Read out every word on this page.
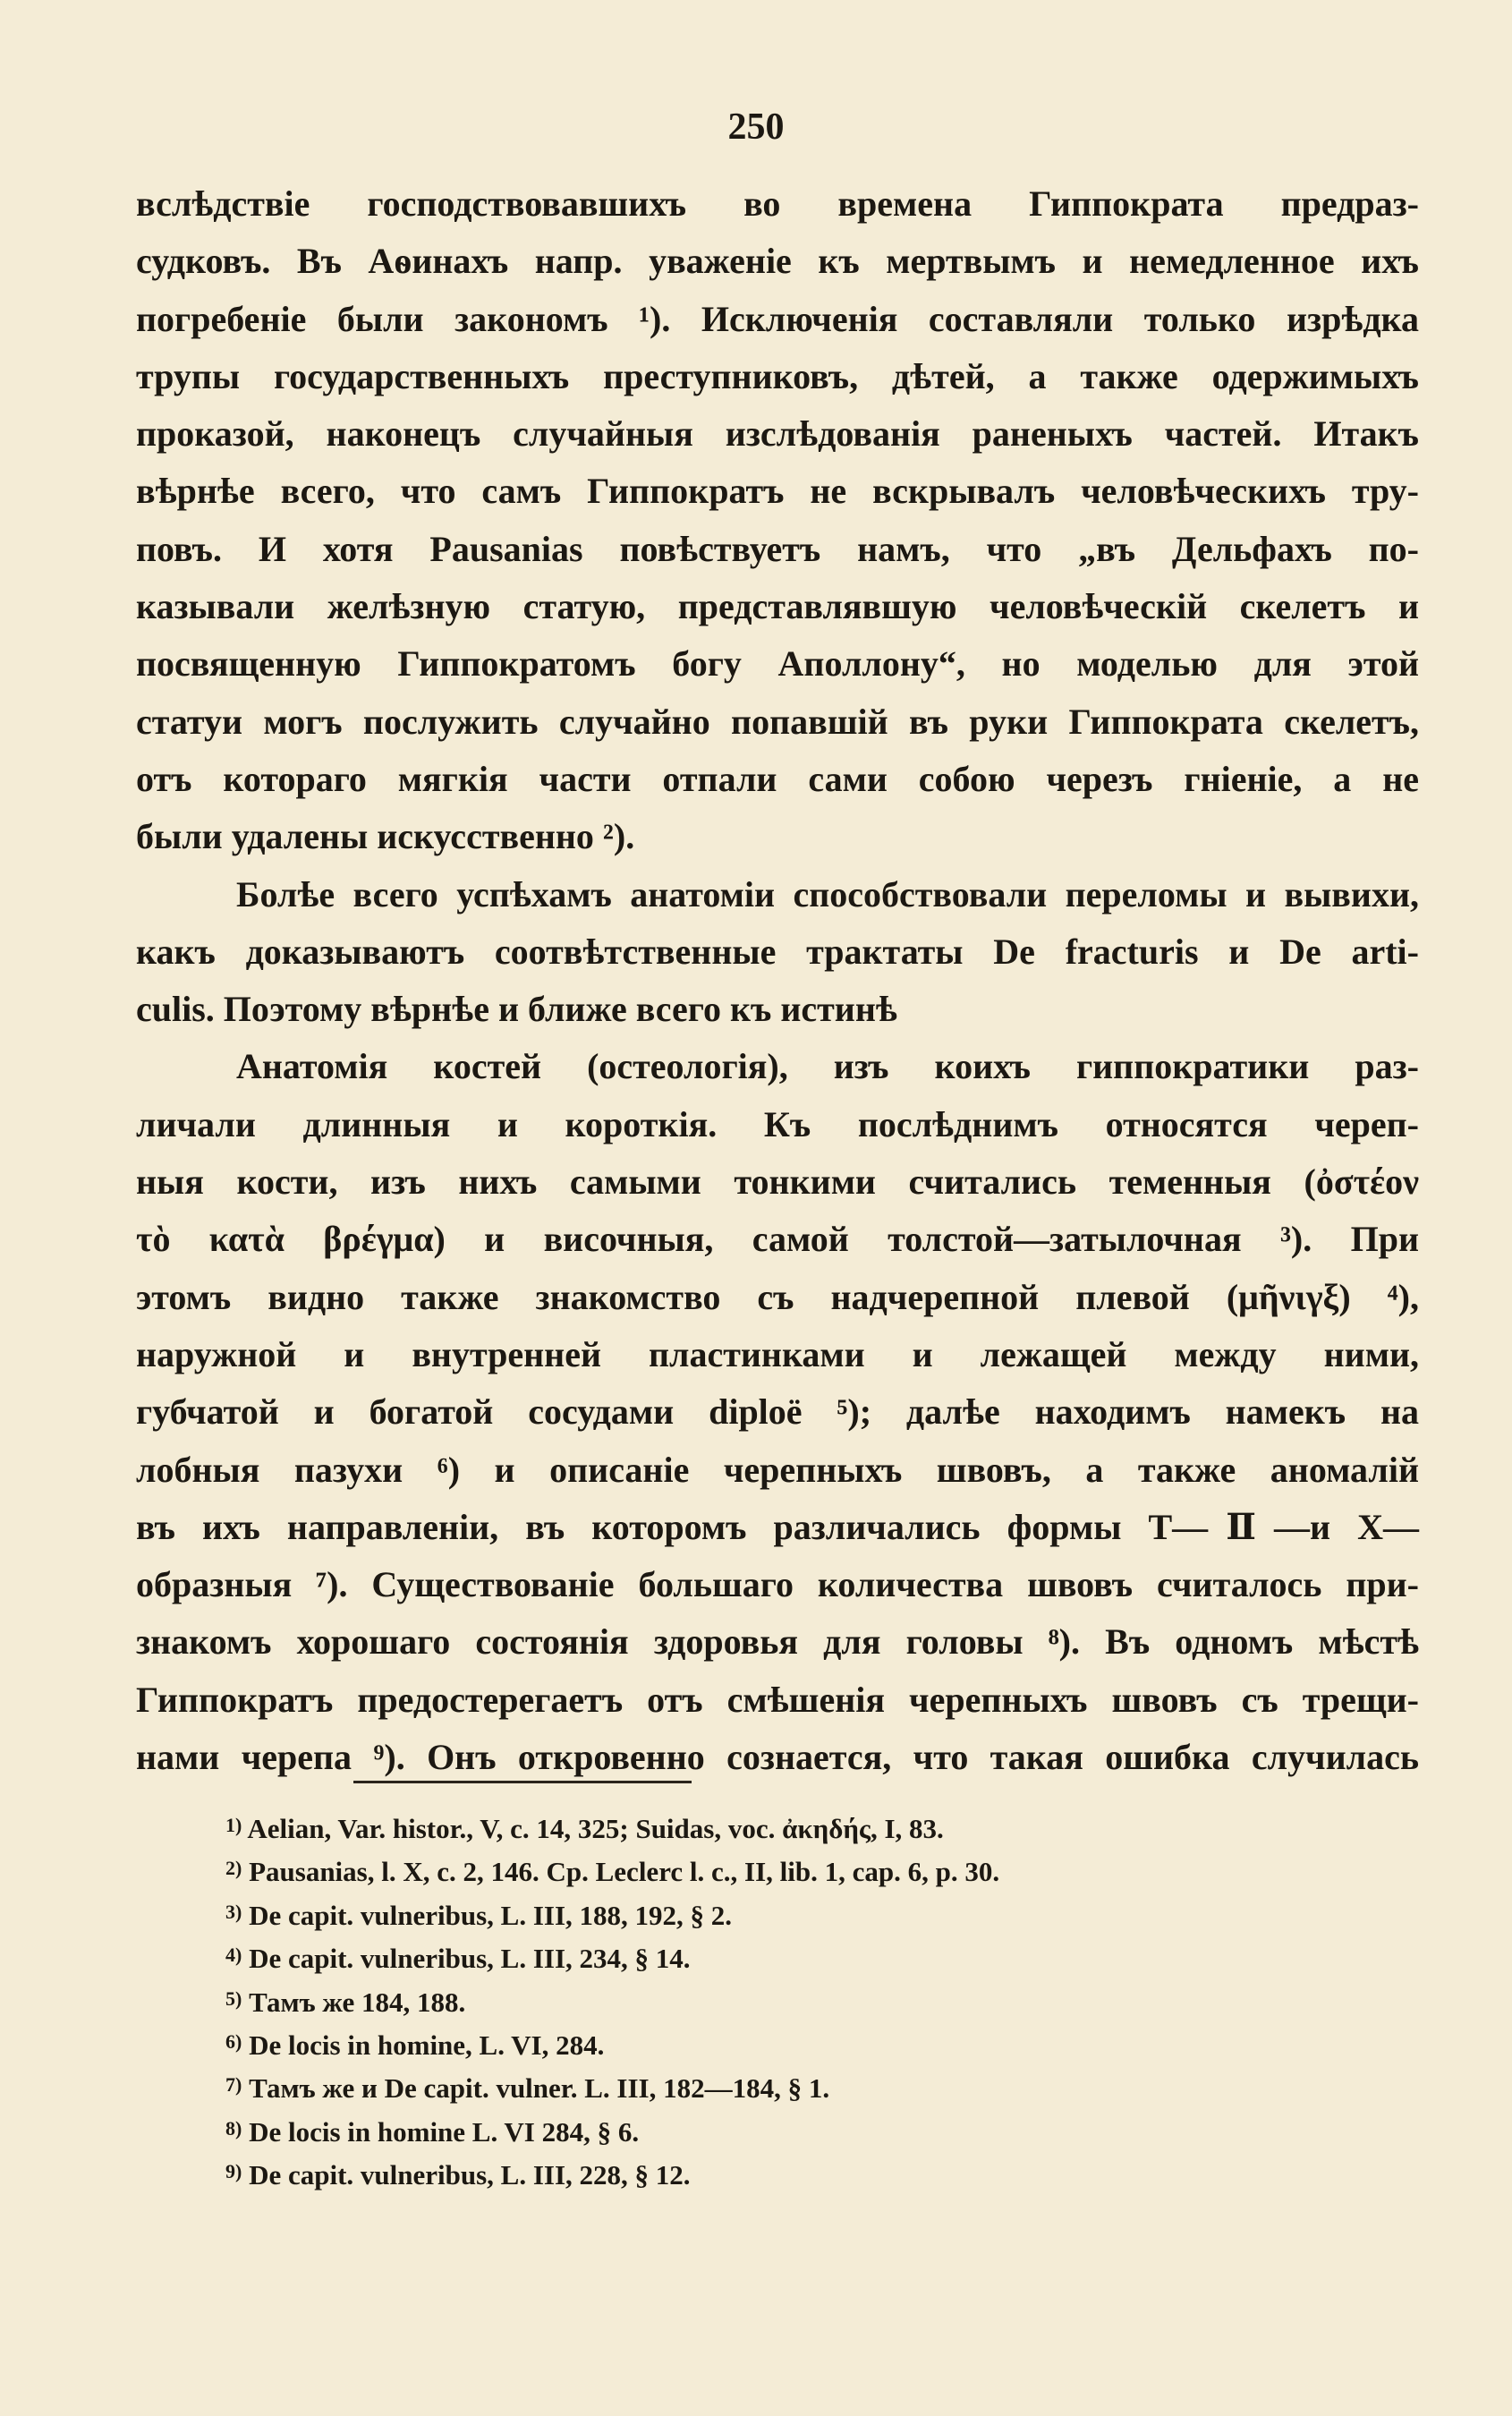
250
вслѣдствіе господствовавшихъ во времена Гиппократа предраз-
судковъ. Въ Аѳинахъ напр. уваженіе къ мертвымъ и немедленное ихъ
погребеніе были закономъ ¹). Исключенія составляли только изрѣдка
трупы государственныхъ преступниковъ, дѣтей, а также одержимыхъ
проказой, наконецъ случайныя изслѣдованія раненыхъ частей. Итакъ
вѣрнѣе всего, что самъ Гиппократъ не вскрывалъ человѣческихъ тру-
повъ. И хотя Pausanias повѣствуетъ намъ, что „въ Дельфахъ по-
казывали желѣзную статую, представлявшую человѣческій скелетъ и
посвященную Гиппократомъ богу Аполлону“, но моделью для этой
статуи могъ послужить случайно попавшій въ руки Гиппократа скелетъ,
отъ котораго мягкія части отпали сами собою черезъ гніеніе, а не
были удалены искусственно ²).
Болѣе всего успѣхамъ анатоміи способствовали переломы и вывихи,
какъ доказываютъ соотвѣтственные трактаты De fracturis и De arti-
culis. Поэтому вѣрнѣе и ближе всего къ истинѣ
Анатомія костей (остеологія), изъ коихъ гиппократики раз-
личали длинныя и короткія. Къ послѣднимъ относятся череп-
ныя кости, изъ нихъ самыми тонкими считались теменныя (ὀστέον
τὸ κατὰ βρέγμα) и височныя, самой толстой—затылочная ³). При
этомъ видно также знакомство съ надчерепной плевой (μῆνιγξ) ⁴),
наружной и внутренней пластинками и лежащей между ними,
губчатой и богатой сосудами diploё ⁵); далѣе находимъ намекъ на
лобныя пазухи ⁶) и описаніе черепныхъ швовъ, а также аномалій
въ ихъ направленіи, въ которомъ различались формы Т—Ⅱ—и Х—
образныя ⁷). Существованіе большаго количества швовъ считалось при-
знакомъ хорошаго состоянія здоровья для головы ⁸). Въ одномъ мѣстѣ
Гиппократъ предостерегаетъ отъ смѣшенія черепныхъ швовъ съ трещи-
нами черепа ⁹). Онъ откровенно сознается, что такая ошибка случилась
$^{1)}$ Aelian, Var. histor., V, c. 14, 325; Suidas, voc. ἀκηδής, I, 83.
$^{2)}$ Pausanias, l. X, c. 2, 146. Cp. Leclerc l. c., II, lib. 1, cap. 6, p. 30.
$^{3)}$ De capit. vulneribus, L. III, 188, 192, § 2.
$^{4)}$ De capit. vulneribus, L. III, 234, § 14.
$^{5)}$ Тамъ же 184, 188.
$^{6)}$ De locis in homine, L. VI, 284.
$^{7)}$ Тамъ же и De capit. vulner. L. III, 182—184, § 1.
$^{8)}$ De locis in homine L. VI 284, § 6.
$^{9)}$ De capit. vulneribus, L. III, 228, § 12.
